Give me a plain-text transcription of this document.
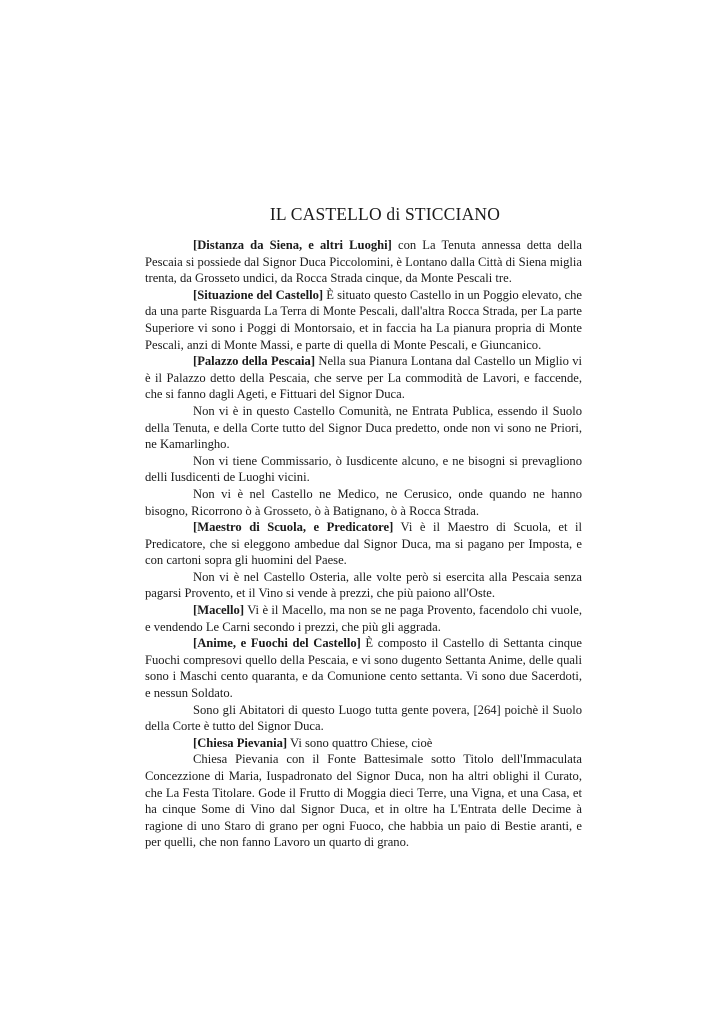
IL CASTELLO di STICCIANO

[Distanza da Siena, e altri Luoghi] con La Tenuta annessa detta della Pescaia si possiede dal Signor Duca Piccolomini, è Lontano dalla Città di Siena miglia trenta, da Grosseto undici, da Rocca Strada cinque, da Monte Pescali tre.

[Situazione del Castello] È situato questo Castello in un Poggio elevato, che da una parte Risguarda La Terra di Monte Pescali, dall'altra Rocca Strada, per La parte Superiore vi sono i Poggi di Montorsaio, et in faccia ha La pianura propria di Monte Pescali, anzi di Monte Massi, e parte di quella di Monte Pescali, e Giuncanico.

[Palazzo della Pescaia] Nella sua Pianura Lontana dal Castello un Miglio vi è il Palazzo detto della Pescaia, che serve per La commodità de Lavori, e faccende, che si fanno dagli Ageti, e Fittuari del Signor Duca.

Non vi è in questo Castello Comunità, ne Entrata Publica, essendo il Suolo della Tenuta, e della Corte tutto del Signor Duca predetto, onde non vi sono ne Priori, ne Kamarlingho.

Non vi tiene Commissario, ò Iusdicente alcuno, e ne bisogni si prevagliono delli Iusdicenti de Luoghi vicini.

Non vi è nel Castello ne Medico, ne Cerusico, onde quando ne hanno bisogno, Ricorrono ò à Grosseto, ò à Batignano, ò à Rocca Strada.

[Maestro di Scuola, e Predicatore] Vi è il Maestro di Scuola, et il Predicatore, che si eleggono ambedue dal Signor Duca, ma si pagano per Imposta, e con cartoni sopra gli huomini del Paese.

Non vi è nel Castello Osteria, alle volte però si esercita alla Pescaia senza pagarsi Provento, et il Vino si vende à prezzi, che più paiono all'Oste.

[Macello] Vi è il Macello, ma non se ne paga Provento, facendolo chi vuole, e vendendo Le Carni secondo i prezzi, che più gli aggrada.

[Anime, e Fuochi del Castello] È composto il Castello di Settanta cinque Fuochi compresovi quello della Pescaia, e vi sono dugento Settanta Anime, delle quali sono i Maschi cento quaranta, e da Comunione cento settanta. Vi sono due Sacerdoti, e nessun Soldato.

Sono gli Abitatori di questo Luogo tutta gente povera, [264] poichè il Suolo della Corte è tutto del Signor Duca.

[Chiesa Pievania] Vi sono quattro Chiese, cioè

Chiesa Pievania con il Fonte Battesimale sotto Titolo dell'Immaculata Concezzione di Maria, Iuspadronato del Signor Duca, non ha altri oblighi il Curato, che La Festa Titolare. Gode il Frutto di Moggia dieci Terre, una Vigna, et una Casa, et ha cinque Some di Vino dal Signor Duca, et in oltre ha L'Entrata delle Decime à ragione di uno Staro di grano per ogni Fuoco, che habbia un paio di Bestie aranti, e per quelli, che non fanno Lavoro un quarto di grano.
